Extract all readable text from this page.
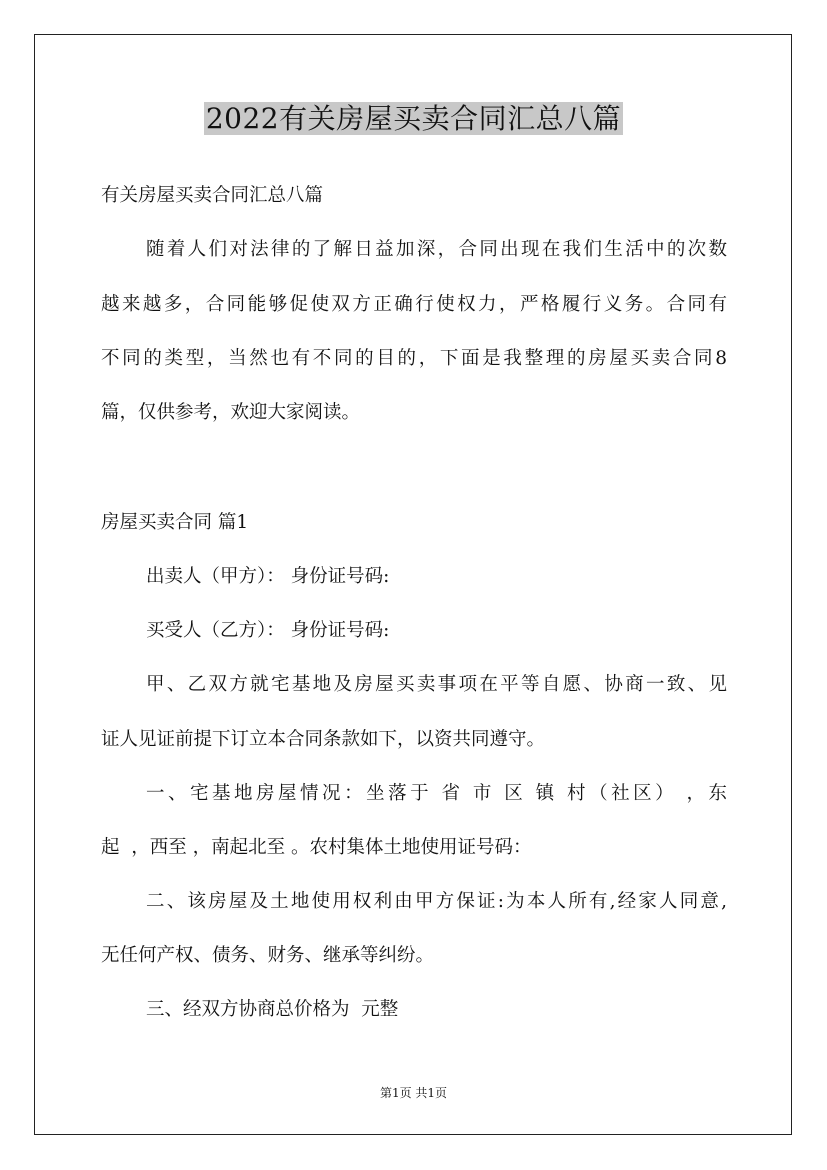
2022有关房屋买卖合同汇总八篇
有关房屋买卖合同汇总八篇
随着人们对法律的了解日益加深，合同出现在我们生活中的次数
越来越多，合同能够促使双方正确行使权力，严格履行义务。合同有
不同的类型，当然也有不同的目的，下面是我整理的房屋买卖合同8
篇，仅供参考，欢迎大家阅读。
房屋买卖合同 篇1
出卖人（甲方）： 身份证号码:
买受人（乙方）： 身份证号码:
甲、乙双方就宅基地及房屋买卖事项在平等自愿、协商一致、见
证人见证前提下订立本合同条款如下，以资共同遵守。
一、宅基地房屋情况：坐落于 省 市 区 镇 村（社区） ，东
起  ，西至 ，南起北至 。农村集体土地使用证号码：
二、该房屋及土地使用权利由甲方保证:为本人所有,经家人同意,
无任何产权、债务、财务、继承等纠纷。
三、经双方协商总价格为  元整
第1页 共1页
